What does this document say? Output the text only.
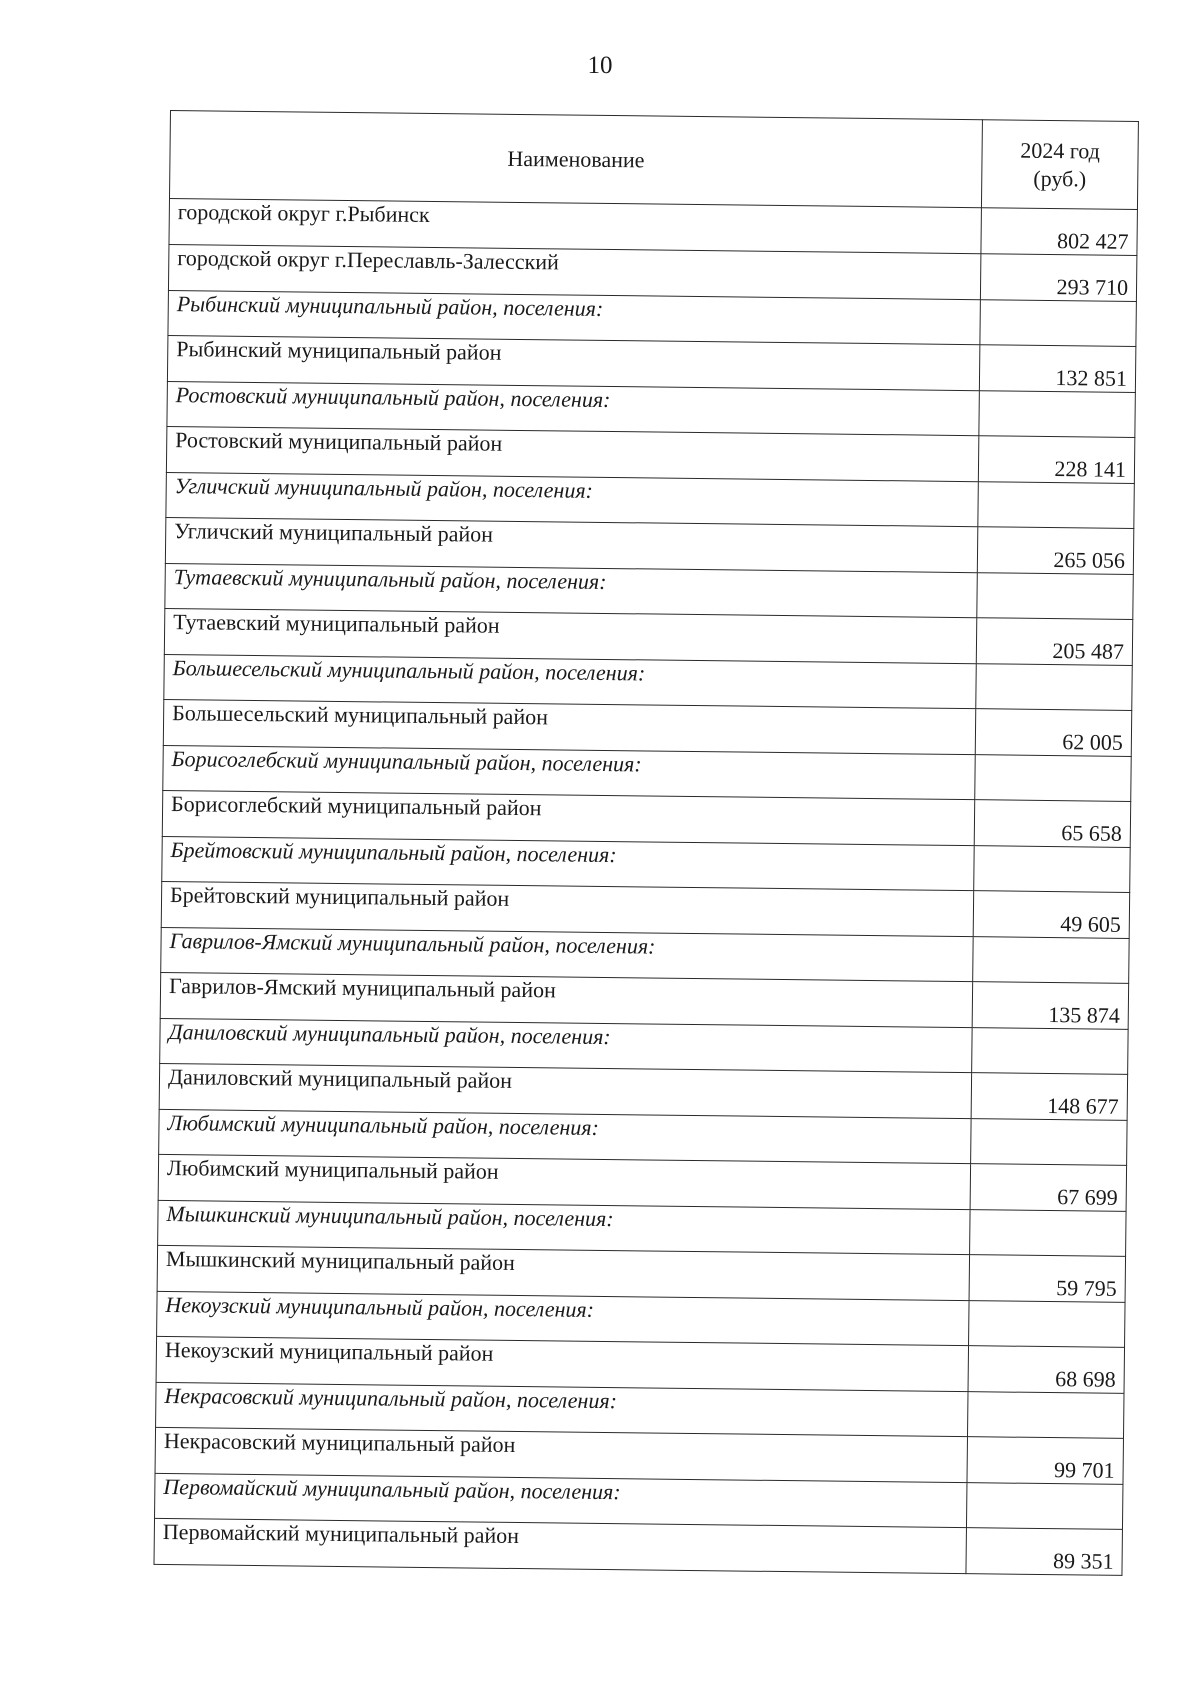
10
Наименование	2024 год
(руб.)
городской округ г.Рыбинск	802 427
городской округ г.Переславль-Залесский	293 710
Рыбинский муниципальный район, поселения:	
Рыбинский муниципальный район	132 851
Ростовский муниципальный район, поселения:	
Ростовский муниципальный район	228 141
Угличский муниципальный район, поселения:	
Угличский муниципальный район	265 056
Тутаевский муниципальный район, поселения:	
Тутаевский муниципальный район	205 487
Большесельский муниципальный район, поселения:	
Большесельский муниципальный район	62 005
Борисоглебский муниципальный район, поселения:	
Борисоглебский муниципальный район	65 658
Брейтовский муниципальный район, поселения:	
Брейтовский муниципальный район	49 605
Гаврилов-Ямский муниципальный район, поселения:	
Гаврилов-Ямский муниципальный район	135 874
Даниловский муниципальный район, поселения:	
Даниловский муниципальный район	148 677
Любимский муниципальный район, поселения:	
Любимский муниципальный район	67 699
Мышкинский муниципальный район, поселения:	
Мышкинский муниципальный район	59 795
Некоузский муниципальный район, поселения:	
Некоузский муниципальный район	68 698
Некрасовский муниципальный район, поселения:	
Некрасовский муниципальный район	99 701
Первомайский муниципальный район, поселения:	
Первомайский муниципальный район	89 351
